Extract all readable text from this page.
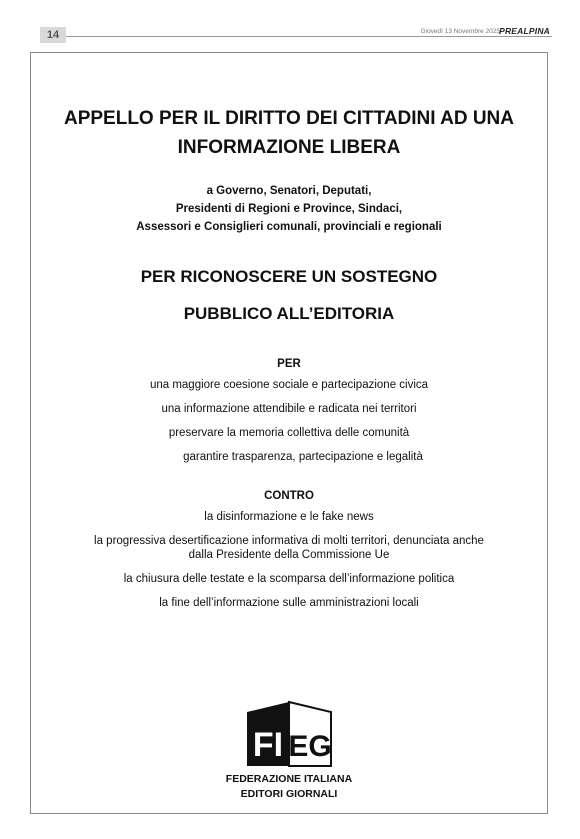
14	Giovedì 13 Novembre 2025 PREALPINA
APPELLO PER IL DIRITTO DEI CITTADINI AD UNA
INFORMAZIONE LIBERA
a Governo, Senatori, Deputati,
Presidenti di Regioni e Province, Sindaci,
Assessori e Consiglieri comunali, provinciali e regionali
PER RICONOSCERE UN SOSTEGNO
PUBBLICO ALL’EDITORIA
PER
una maggiore coesione sociale e partecipazione civica
una informazione attendibile e radicata nei territori
preservare la memoria collettiva delle comunità
garantire trasparenza, partecipazione e legalità
CONTRO
la disinformazione e le fake news
la progressiva desertificazione informativa di molti territori, denunciata anche
dalla Presidente della Commissione Ue
la chiusura delle testate e la scomparsa dell’informazione politica
la fine dell’informazione sulle amministrazioni locali
FI EG
FEDERAZIONE ITALIANA
EDITORI GIORNALI
